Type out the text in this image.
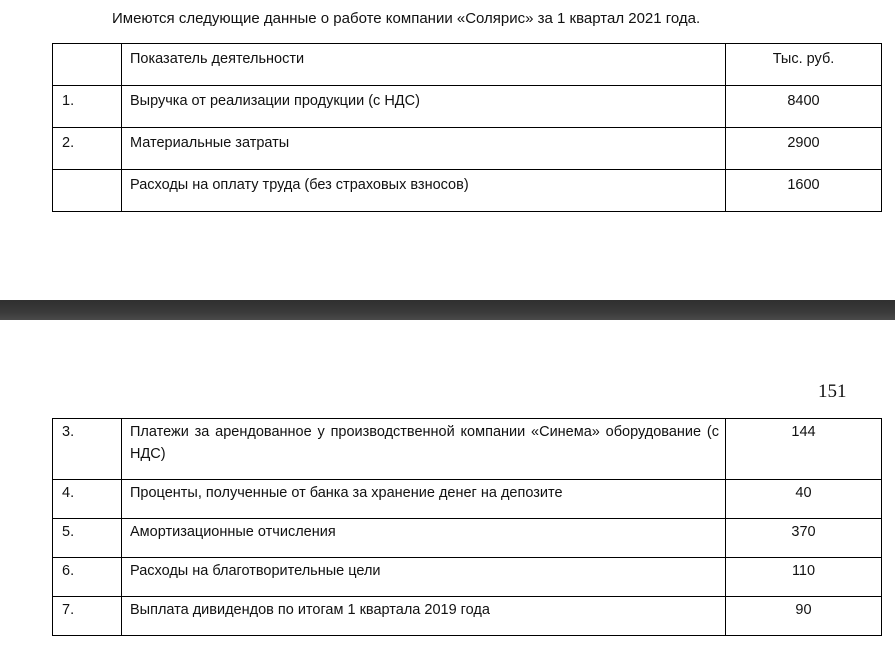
Имеются следующие данные о работе компании «Солярис» за 1 квартал 2021 года.
	Показатель деятельности	Тыс. руб.
1.	Выручка от реализации продукции (с НДС)	8400
2.	Материальные затраты	2900
	Расходы на оплату труда (без страховых взносов)	1600
151
3.	Платежи за арендованное у производственной компании «Синема» оборудование (с НДС)	144
4.	Проценты, полученные от банка за хранение денег на депозите	40
5.	Амортизационные отчисления	370
6.	Расходы на благотворительные цели	110
7.	Выплата дивидендов по итогам 1 квартала 2019 года	90
